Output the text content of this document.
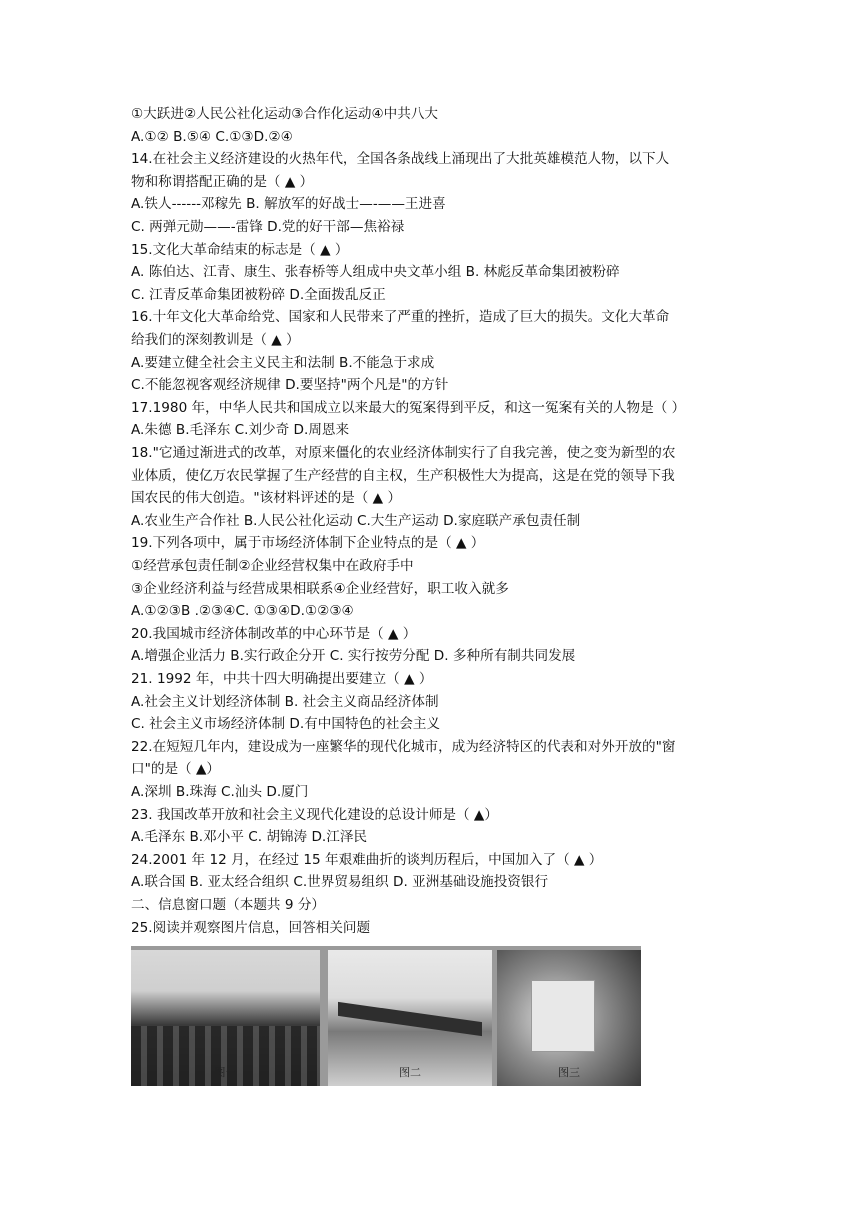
①大跃进②人民公社化运动③合作化运动④中共八大
A.①② B.⑤④ C.①③D.②④
14.在社会主义经济建设的火热年代，全国各条战线上涌现出了大批英雄模范人物，以下人
物和称谓搭配正确的是（ ▲ ）
A.铁人------邓稼先 B. 解放军的好战士—-——王进喜
C. 两弹元勋——-雷锋 D.党的好干部—焦裕禄
15.文化大革命结束的标志是（ ▲ ）
A. 陈伯达、江青、康生、张春桥等人组成中央文革小组 B. 林彪反革命集团被粉碎
C. 江青反革命集团被粉碎 D.全面拨乱反正
16.十年文化大革命给党、国家和人民带来了严重的挫折，造成了巨大的损失。文化大革命
给我们的深刻教训是（ ▲ ）
A.要建立健全社会主义民主和法制 B.不能急于求成
C.不能忽视客观经济规律 D.要坚持"两个凡是"的方针
17.1980 年，中华人民共和国成立以来最大的冤案得到平反，和这一冤案有关的人物是（ ）
A.朱德 B.毛泽东 C.刘少奇 D.周恩来
18."它通过渐进式的改革，对原来僵化的农业经济体制实行了自我完善，使之变为新型的农
业体质，使亿万农民掌握了生产经营的自主权，生产积极性大为提高，这是在党的领导下我
国农民的伟大创造。"该材料评述的是（ ▲ ）
A.农业生产合作社 B.人民公社化运动 C.大生产运动 D.家庭联产承包责任制
19.下列各项中，属于市场经济体制下企业特点的是（ ▲ ）
①经营承包责任制②企业经营权集中在政府手中
③企业经济利益与经营成果相联系④企业经营好，职工收入就多
A.①②③B .②③④C. ①③④D.①②③④
20.我国城市经济体制改革的中心环节是（ ▲ ）
A.增强企业活力 B.实行政企分开 C. 实行按劳分配 D. 多种所有制共同发展
21. 1992 年，中共十四大明确提出要建立（ ▲ ）
A.社会主义计划经济体制 B. 社会主义商品经济体制
C. 社会主义市场经济体制 D.有中国特色的社会主义
22.在短短几年内，建设成为一座繁华的现代化城市，成为经济特区的代表和对外开放的"窗
口"的是（ ▲）
A.深圳 B.珠海 C.汕头 D.厦门
23. 我国改革开放和社会主义现代化建设的总设计师是（ ▲）
A.毛泽东 B.邓小平 C. 胡锦涛 D.江泽民
24.2001 年 12 月，在经过 15 年艰难曲折的谈判历程后，中国加入了（ ▲ ）
A.联合国 B. 亚太经合组织 C.世界贸易组织 D. 亚洲基础设施投资银行
二、信息窗口题（本题共 9 分）
25.阅读并观察图片信息，回答相关问题
图一	图二	图三
